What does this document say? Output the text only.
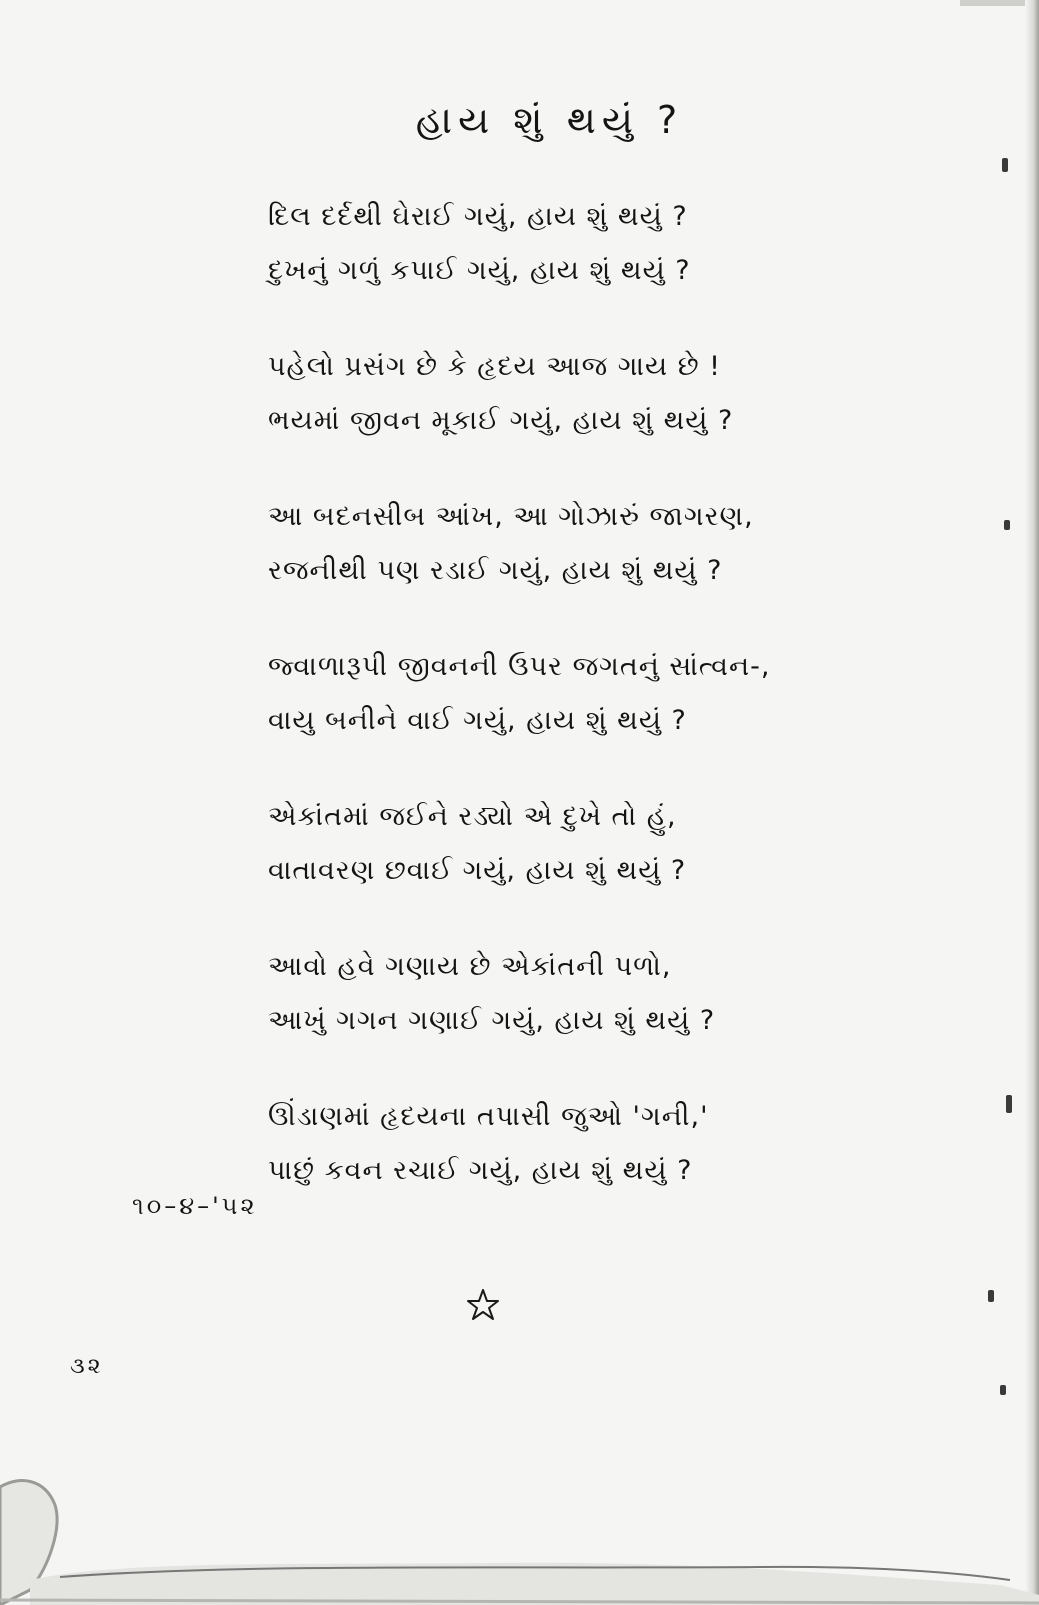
હાય શું થયું ?
દિલ દર્દથી ઘેરાઈ ગયું, હાય શું થયું ?
દુખનું ગળું કપાઈ ગયું, હાય શું થયું ?
પહેલો પ્રસંગ છે કે હૃદય આજ ગાય છે !
ભયમાં જીવન મૂકાઈ ગયું, હાય શું થયું ?
આ બદનસીબ આંખ, આ ગોઝારું જાગરણ,
રજનીથી પણ રડાઈ ગયું, હાય શું થયું ?
જ્વાળારૂપી જીવનની ઉપર જગતનું સાંત્વન-,
વાયુ બનીને વાઈ ગયું, હાય શું થયું ?
એકાંતમાં જઈને રડ્યો એ દુખે તો હું,
વાતાવરણ છવાઈ ગયું, હાય શું થયું ?
આવો હવે ગણાય છે એકાંતની પળો,
આખું ગગન ગણાઈ ગયું, હાય શું થયું ?
ઊંડાણમાં હૃદયના તપાસી જુઓ 'ગની,'
પાછું કવન રચાઈ ગયું, હાય શું થયું ?
૧૦–૪–'૫૨
૩૨
